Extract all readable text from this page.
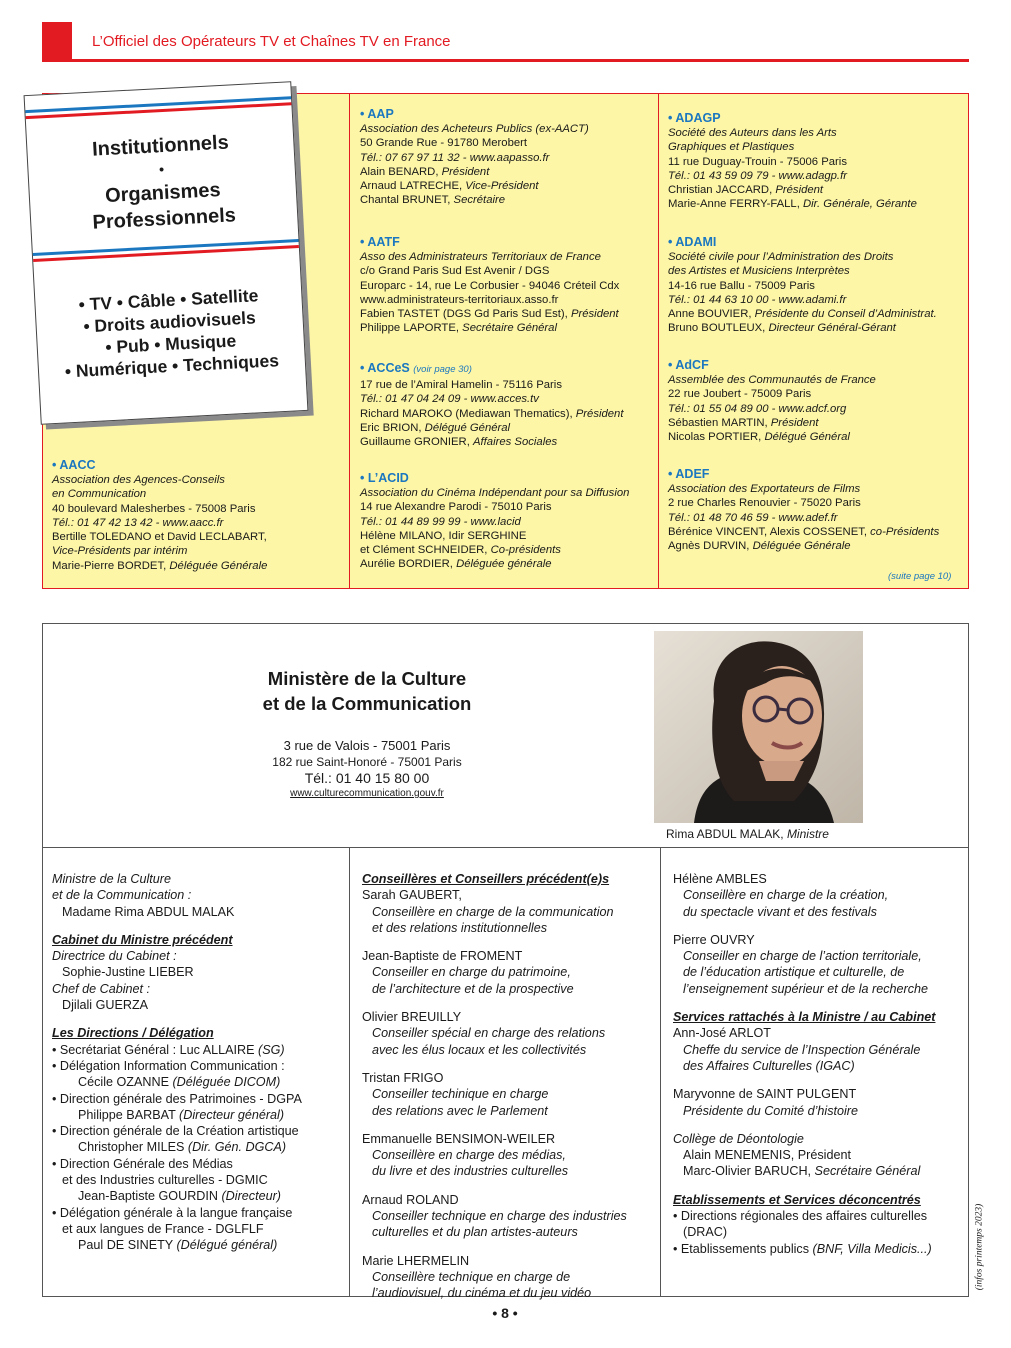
L’Officiel des Opérateurs TV et Chaînes TV en France
Institutionnels
•
Organismes
Professionnels
• TV • Câble • Satellite
• Droits audiovisuels
• Pub • Musique
• Numérique • Techniques
• AACC
Association des Agences-Conseils
en Communication
40 boulevard Malesherbes - 75008 Paris
Tél.: 01 47 42 13 42 - www.aacc.fr
Bertille TOLEDANO et David LECLABART,
Vice-Présidents par intérim
Marie-Pierre BORDET, Déléguée Générale
• AAP
Association des Acheteurs Publics (ex-AACT)
50 Grande Rue - 91780 Merobert
Tél.: 07 67 97 11 32 - www.aapasso.fr
Alain BENARD, Président
Arnaud LATRECHE, Vice-Président
Chantal BRUNET, Secrétaire
• AATF
Asso des Administrateurs Territoriaux de France
c/o Grand Paris Sud Est Avenir / DGS
Europarc - 14, rue Le Corbusier - 94046 Créteil Cdx
www.administrateurs-territoriaux.asso.fr
Fabien TASTET (DGS Gd Paris Sud Est), Président
Philippe LAPORTE, Secrétaire Général
• ACCeS (voir page 30)
17 rue de l’Amiral Hamelin - 75116 Paris
Tél.: 01 47 04 24 09 - www.acces.tv
Richard MAROKO (Mediawan Thematics), Président
Eric BRION, Délégué Général
Guillaume GRONIER, Affaires Sociales
• L’ACID
Association du Cinéma Indépendant pour sa Diffusion
14 rue Alexandre Parodi - 75010 Paris
Tél.: 01 44 89 99 99 - www.lacid
Hélène MILANO, Idir SERGHINE
et Clément SCHNEIDER, Co-présidents
Aurélie BORDIER, Déléguée générale
• ADAGP
Société des Auteurs dans les Arts
Graphiques et Plastiques
11 rue Duguay-Trouin - 75006 Paris
Tél.: 01 43 59 09 79 - www.adagp.fr
Christian JACCARD, Président
Marie-Anne FERRY-FALL, Dir. Générale, Gérante
• ADAMI
Société civile pour l’Administration des Droits
des Artistes et Musiciens Interprètes
14-16 rue Ballu - 75009 Paris
Tél.: 01 44 63 10 00 - www.adami.fr
Anne BOUVIER, Présidente du Conseil d’Administrat.
Bruno BOUTLEUX, Directeur Général-Gérant
• AdCF
Assemblée des Communautés de France
22 rue Joubert - 75009 Paris
Tél.: 01 55 04 89 00 - www.adcf.org
Sébastien MARTIN, Président
Nicolas PORTIER, Délégué Général
• ADEF
Association des Exportateurs de Films
2 rue Charles Renouvier - 75020 Paris
Tél.: 01 48 70 46 59 - www.adef.fr
Bérénice VINCENT, Alexis COSSENET, co-Présidents
Agnès DURVIN, Déléguée Générale
(suite page 10)
Ministère de la Culture
et de la Communication
3 rue de Valois - 75001 Paris
182 rue Saint-Honoré - 75001 Paris
Tél.: 01 40 15 80 00
www.culturecommunication.gouv.fr
Rima ABDUL MALAK, Ministre
Ministre de la Culture
et de la Communication :
Madame Rima ABDUL MALAK
Cabinet du Ministre précédent
Directrice du Cabinet :
Sophie-Justine LIEBER
Chef de Cabinet :
Djilali GUERZA
Les Directions / Délégation
• Secrétariat Général : Luc ALLAIRE (SG)
• Délégation Information Communication :
Cécile OZANNE (Déléguée DICOM)
• Direction générale des Patrimoines - DGPA
Philippe BARBAT (Directeur général)
• Direction générale de la Création artistique
Christopher MILES (Dir. Gén. DGCA)
• Direction Générale des Médias
et des Industries culturelles - DGMIC
Jean-Baptiste GOURDIN (Directeur)
• Délégation générale à la langue française
et aux langues de France - DGLFLF
Paul DE SINETY (Délégué général)
Conseillères et Conseillers précédent(e)s
Sarah GAUBERT,
Conseillère en charge de la communication
et des relations institutionnelles
Jean-Baptiste de FROMENT
Conseiller en charge du patrimoine,
de l’architecture et de la prospective
Olivier BREUILLY
Conseiller spécial en charge des relations
avec les élus locaux et les collectivités
Tristan FRIGO
Conseiller techinique en charge
des relations avec le Parlement
Emmanuelle BENSIMON-WEILER
Conseillère en charge des médias,
du livre et des industries culturelles
Arnaud ROLAND
Conseiller technique en charge des industries
culturelles et du plan artistes-auteurs
Marie LHERMELIN
Conseillère technique en charge de
l’audiovisuel, du cinéma et du jeu vidéo
Hélène AMBLES
Conseillère en charge de la création,
du spectacle vivant et des festivals
Pierre OUVRY
Conseiller en charge de l’action territoriale,
de l’éducation artistique et culturelle, de
l’enseignement supérieur et de la recherche
Services rattachés à la Ministre / au Cabinet
Ann-José ARLOT
Cheffe du service de l’Inspection Générale
des Affaires Culturelles (IGAC)
Maryvonne de SAINT PULGENT
Présidente du Comité d’histoire
Collège de Déontologie
Alain MENEMENIS, Président
Marc-Olivier BARUCH, Secrétaire Général
Etablissements et Services déconcentrés
• Directions régionales des affaires culturelles
(DRAC)
• Etablissements publics (BNF, Villa Medicis...)	(infos printemps 2023)
• 8 •
